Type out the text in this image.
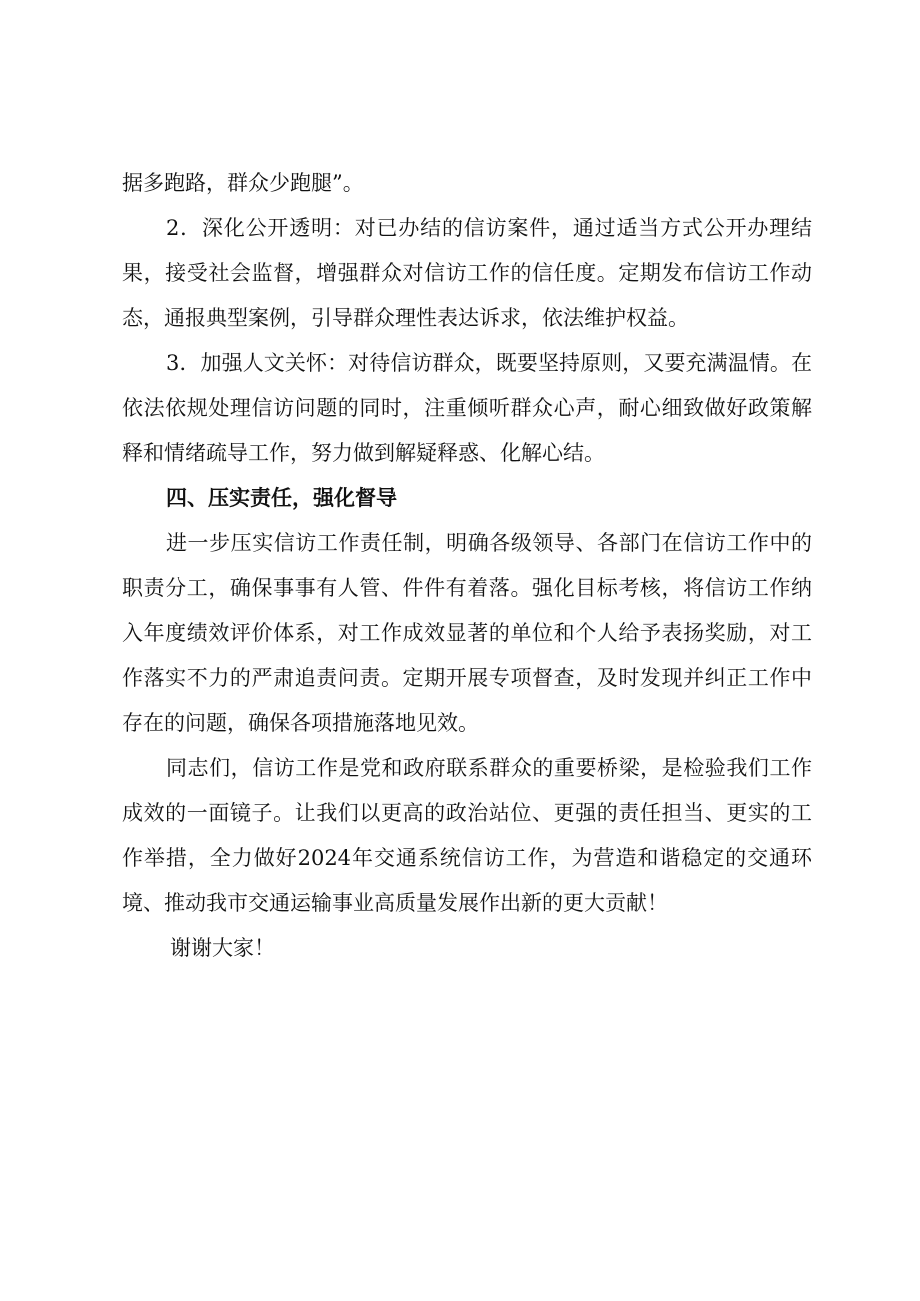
据多跑路，群众少跑腿”。

2．深化公开透明：对已办结的信访案件，通过适当方式公开办理结果，接受社会监督，增强群众对信访工作的信任度。定期发布信访工作动态，通报典型案例，引导群众理性表达诉求，依法维护权益。

3．加强人文关怀：对待信访群众，既要坚持原则，又要充满温情。在依法依规处理信访问题的同时，注重倾听群众心声，耐心细致做好政策解释和情绪疏导工作，努力做到解疑释惑、化解心结。

四、压实责任，强化督导

进一步压实信访工作责任制，明确各级领导、各部门在信访工作中的职责分工，确保事事有人管、件件有着落。强化目标考核，将信访工作纳入年度绩效评价体系，对工作成效显著的单位和个人给予表扬奖励，对工作落实不力的严肃追责问责。定期开展专项督查，及时发现并纠正工作中存在的问题，确保各项措施落地见效。

同志们，信访工作是党和政府联系群众的重要桥梁，是检验我们工作成效的一面镜子。让我们以更高的政治站位、更强的责任担当、更实的工作举措，全力做好2024年交通系统信访工作，为营造和谐稳定的交通环境、推动我市交通运输事业高质量发展作出新的更大贡献！

谢谢大家！
